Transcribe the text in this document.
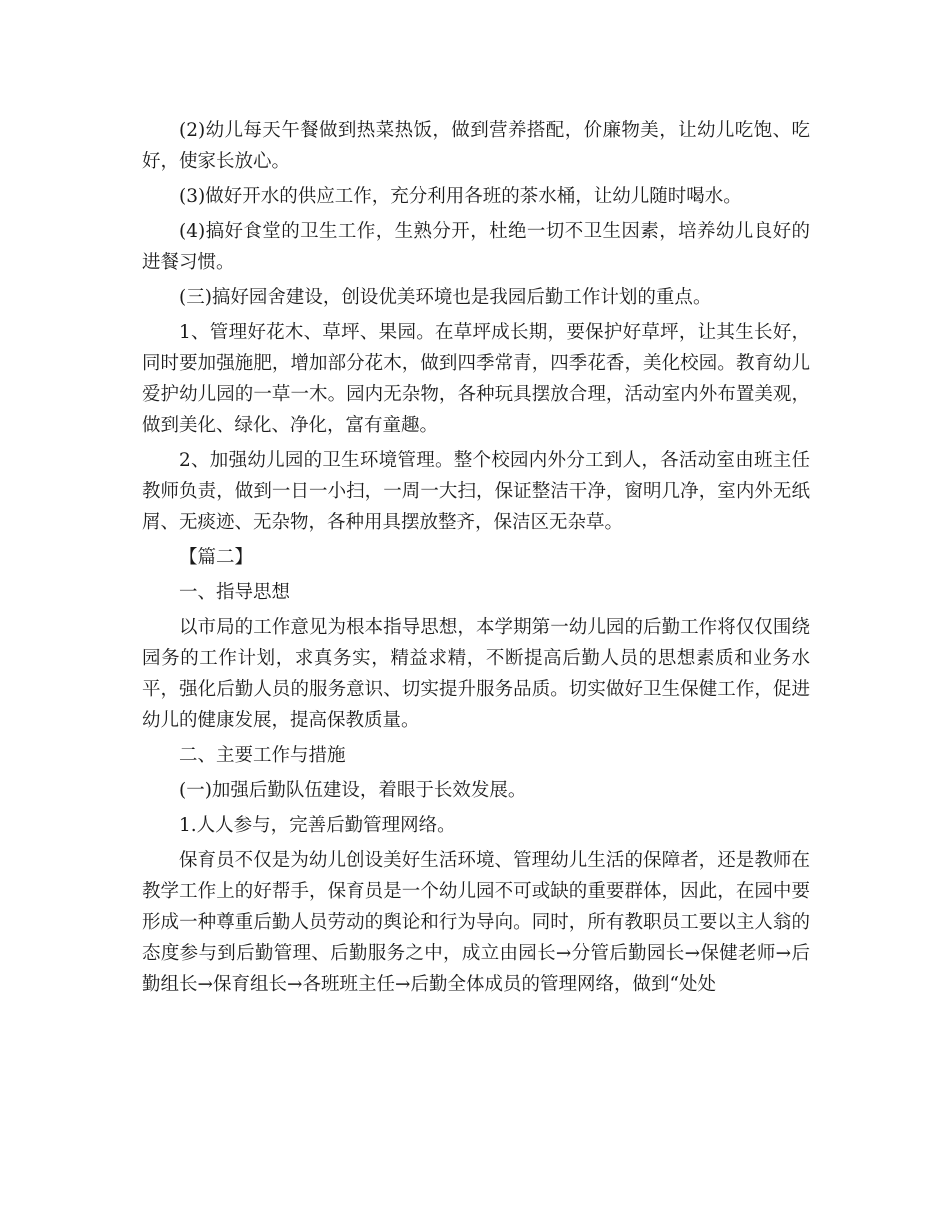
(2)幼儿每天午餐做到热菜热饭，做到营养搭配，价廉物美，让幼儿吃饱、吃好，使家长放心。

(3)做好开水的供应工作，充分利用各班的茶水桶，让幼儿随时喝水。

(4)搞好食堂的卫生工作，生熟分开，杜绝一切不卫生因素，培养幼儿良好的进餐习惯。

(三)搞好园舍建设，创设优美环境也是我园后勤工作计划的重点。

1、管理好花木、草坪、果园。在草坪成长期，要保护好草坪，让其生长好，同时要加强施肥，增加部分花木，做到四季常青，四季花香，美化校园。教育幼儿爱护幼儿园的一草一木。园内无杂物，各种玩具摆放合理，活动室内外布置美观，做到美化、绿化、净化，富有童趣。

2、加强幼儿园的卫生环境管理。整个校园内外分工到人，各活动室由班主任教师负责，做到一日一小扫，一周一大扫，保证整洁干净，窗明几净，室内外无纸屑、无痰迹、无杂物，各种用具摆放整齐，保洁区无杂草。

【篇二】

一、指导思想

以市局的工作意见为根本指导思想，本学期第一幼儿园的后勤工作将仅仅围绕园务的工作计划，求真务实，精益求精，不断提高后勤人员的思想素质和业务水平，强化后勤人员的服务意识、切实提升服务品质。切实做好卫生保健工作，促进幼儿的健康发展，提高保教质量。

二、主要工作与措施

(一)加强后勤队伍建设，着眼于长效发展。

1.人人参与，完善后勤管理网络。

保育员不仅是为幼儿创设美好生活环境、管理幼儿生活的保障者，还是教师在教学工作上的好帮手，保育员是一个幼儿园不可或缺的重要群体，因此，在园中要形成一种尊重后勤人员劳动的舆论和行为导向。同时，所有教职员工要以主人翁的态度参与到后勤管理、后勤服务之中，成立由园长→分管后勤园长→保健老师→后勤组长→保育组长→各班班主任→后勤全体成员的管理网络，做到“处处
